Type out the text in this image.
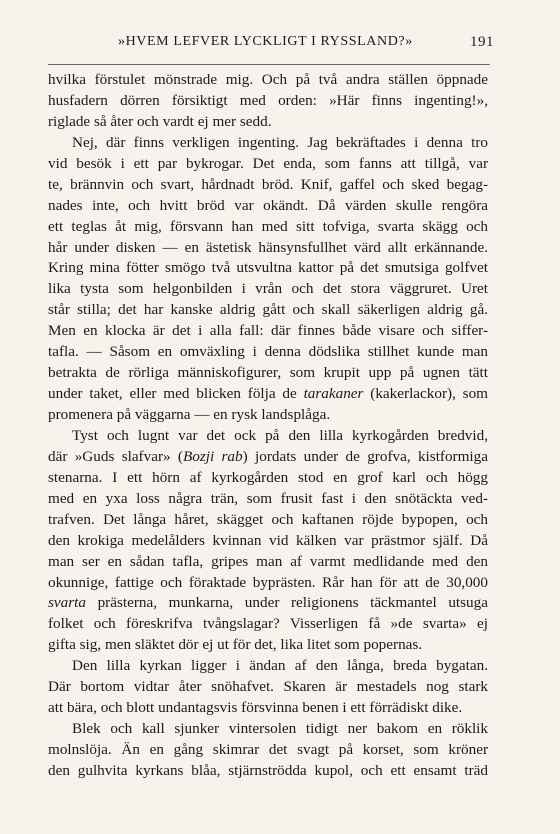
»HVEM LEFVER LYCKLIGT I RYSSLAND?»	191
hvilka förstulet mönstrade mig. Och på två andra ställen öppnade
husfadern dörren försiktigt med orden: »Här finns ingenting!»,
riglade så åter och vardt ej mer sedd.
Nej, där finns verkligen ingenting. Jag bekräftades i denna tro
vid besök i ett par bykrogar. Det enda, som fanns att tillgå, var
te, brännvin och svart, hårdnadt bröd. Knif, gaffel och sked begag-
nades inte, och hvitt bröd var okändt. Då värden skulle rengöra
ett teglas åt mig, försvann han med sitt tofviga, svarta skägg och
hår under disken — en ästetisk hänsynsfullhet värd allt erkännande.
Kring mina fötter smögo två utsvultna kattor på det smutsiga golfvet
lika tysta som helgonbilden i vrån och det stora väggruret. Uret
står stilla; det har kanske aldrig gått och skall säkerligen aldrig gå.
Men en klocka är det i alla fall: där finnes både visare och siffer-
tafla. — Såsom en omväxling i denna dödslika stillhet kunde man
betrakta de rörliga människofigurer, som krupit upp på ugnen tätt
under taket, eller med blicken följa de tarakaner (kakerlackor), som
promenera på väggarna — en rysk landsplåga.
Tyst och lugnt var det ock på den lilla kyrkogården bredvid,
där »Guds slafvar» (Bozji rab) jordats under de grofva, kistformiga
stenarna. I ett hörn af kyrkogården stod en grof karl och högg
med en yxa loss några trän, som frusit fast i den snötäckta ved-
trafven. Det långa håret, skägget och kaftanen röjde bypopen, och
den krokiga medelålders kvinnan vid kälken var prästmor själf. Då
man ser en sådan tafla, gripes man af varmt medlidande med den
okunnige, fattige och föraktade byprästen. Rår han för att de 30,000
svarta prästerna, munkarna, under religionens täckmantel utsuga
folket och föreskrifva tvångslagar? Visserligen få »de svarta» ej
gifta sig, men släktet dör ej ut för det, lika litet som popernas.
Den lilla kyrkan ligger i ändan af den långa, breda bygatan.
Där bortom vidtar åter snöhafvet. Skaren är mestadels nog stark
att bära, och blott undantagsvis försvinna benen i ett förrädiskt dike.
Blek och kall sjunker vintersolen tidigt ner bakom en röklik
molnslöja. Än en gång skimrar det svagt på korset, som kröner
den gulhvita kyrkans blåa, stjärnströdda kupol, och ett ensamt träd
